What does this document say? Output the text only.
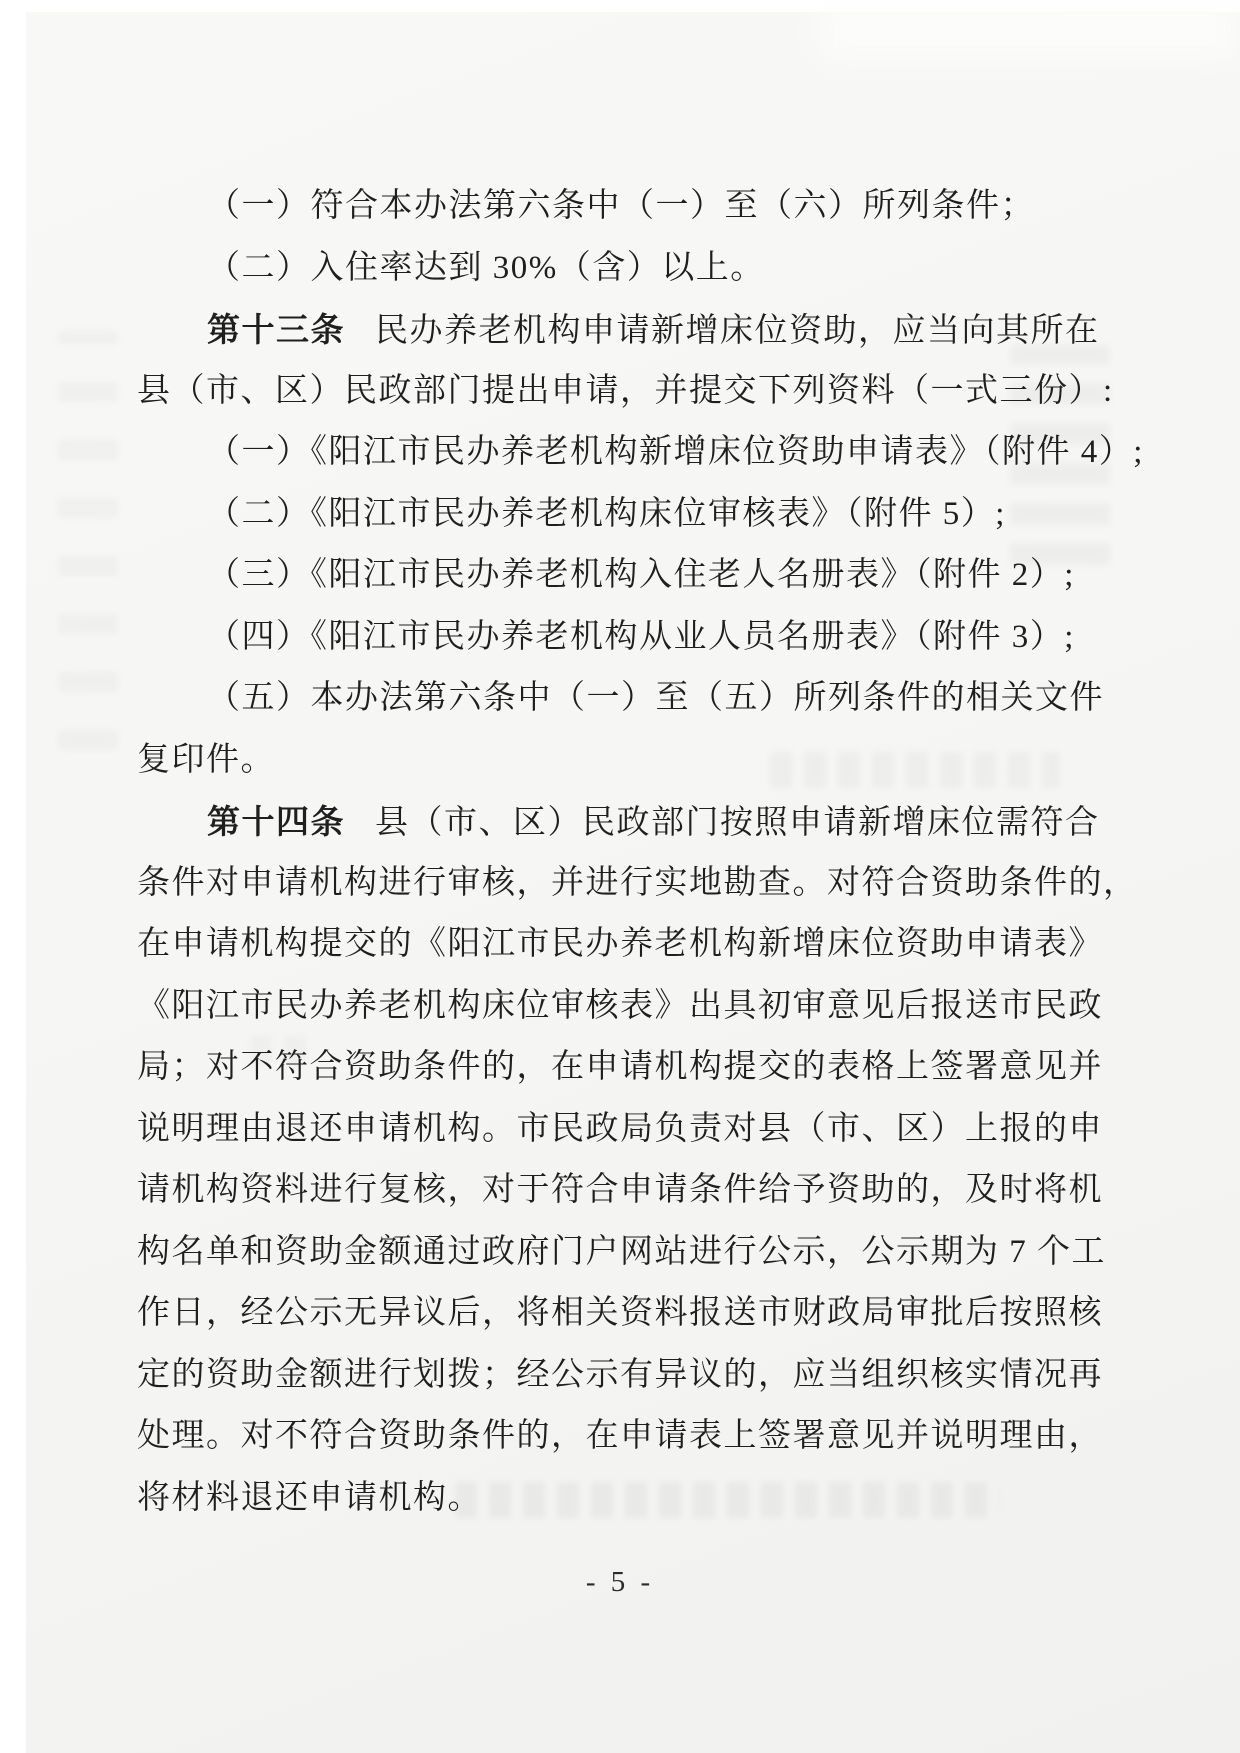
（一）符合本办法第六条中（一）至（六）所列条件；

（二）入住率达到 30%（含）以上。

第十三条 民办养老机构申请新增床位资助，应当向其所在

县（市、区）民政部门提出申请，并提交下列资料（一式三份）:

（一）《阳江市民办养老机构新增床位资助申请表》（附件 4）;

（二）《阳江市民办养老机构床位审核表》（附件 5）;

（三）《阳江市民办养老机构入住老人名册表》（附件 2）;

（四）《阳江市民办养老机构从业人员名册表》（附件 3）;

（五）本办法第六条中（一）至（五）所列条件的相关文件

复印件。

第十四条 县（市、区）民政部门按照申请新增床位需符合

条件对申请机构进行审核，并进行实地勘查。对符合资助条件的，

在申请机构提交的《阳江市民办养老机构新增床位资助申请表》

《阳江市民办养老机构床位审核表》出具初审意见后报送市民政

局；对不符合资助条件的，在申请机构提交的表格上签署意见并

说明理由退还申请机构。市民政局负责对县（市、区）上报的申

请机构资料进行复核，对于符合申请条件给予资助的，及时将机

构名单和资助金额通过政府门户网站进行公示，公示期为 7 个工

作日，经公示无异议后，将相关资料报送市财政局审批后按照核

定的资助金额进行划拨；经公示有异议的，应当组织核实情况再

处理。对不符合资助条件的，在申请表上签署意见并说明理由，

将材料退还申请机构。

- 5 -
